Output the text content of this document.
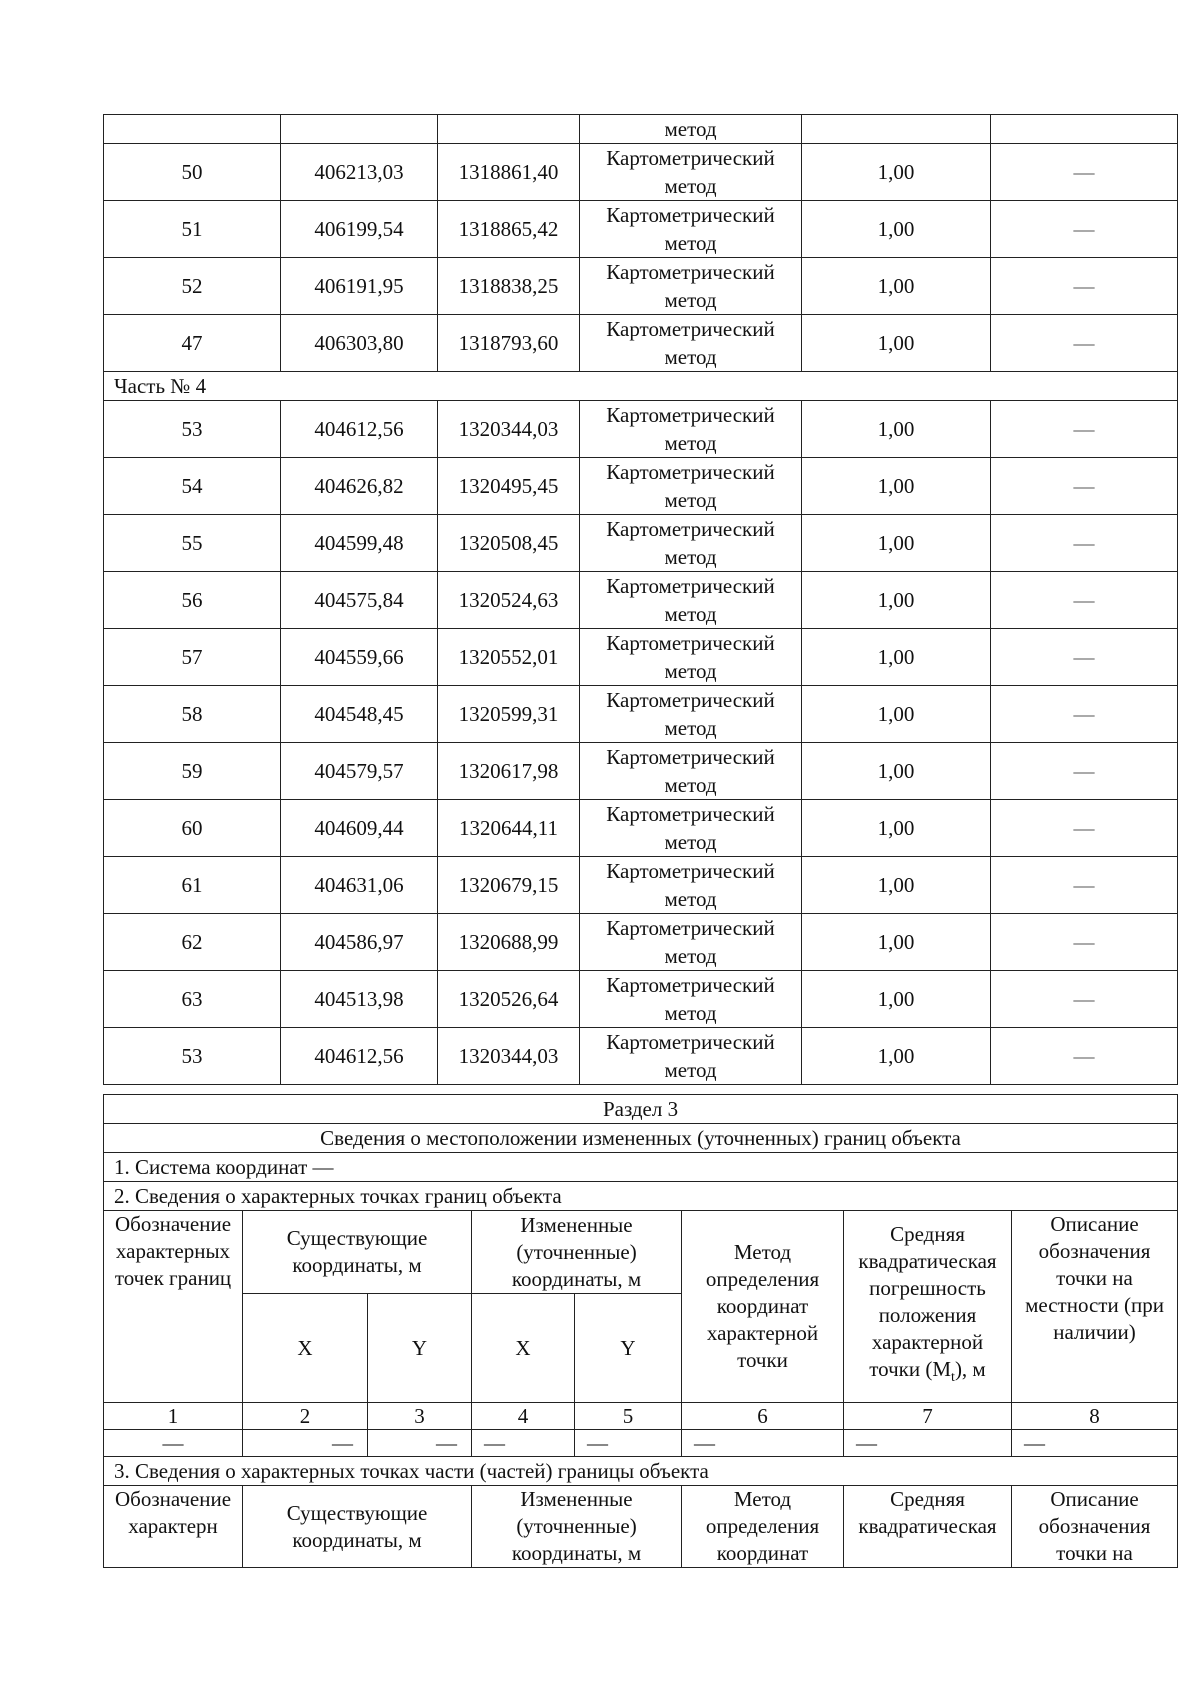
			метод		
50	406213,03	1318861,40	Картометрический метод	1,00	—
51	406199,54	1318865,42	Картометрический метод	1,00	—
52	406191,95	1318838,25	Картометрический метод	1,00	—
47	406303,80	1318793,60	Картометрический метод	1,00	—
Часть № 4					
53	404612,56	1320344,03	Картометрический метод	1,00	—
54	404626,82	1320495,45	Картометрический метод	1,00	—
55	404599,48	1320508,45	Картометрический метод	1,00	—
56	404575,84	1320524,63	Картометрический метод	1,00	—
57	404559,66	1320552,01	Картометрический метод	1,00	—
58	404548,45	1320599,31	Картометрический метод	1,00	—
59	404579,57	1320617,98	Картометрический метод	1,00	—
60	404609,44	1320644,11	Картометрический метод	1,00	—
61	404631,06	1320679,15	Картометрический метод	1,00	—
62	404586,97	1320688,99	Картометрический метод	1,00	—
63	404513,98	1320526,64	Картометрический метод	1,00	—
53	404612,56	1320344,03	Картометрический метод	1,00	—
Раздел 3							
Сведения о местоположении измененных (уточненных) границ объекта							
1. Система координат —							
2. Сведения о характерных точках границ объекта							
Обозначение характерных точек границ	Существующие координаты, м		Измененные (уточненные) координаты, м		Метод определения координат характерной точки	Средняя квадратическая погрешность положения характерной точки $(M_t)$, м	Описание обозначения точки на местности (при наличии)
	X	Y	X	Y			
1	2	3	4	5	6	7	8
—	—	—	—	—	—	—	—
3. Сведения о характерных точках части (частей) границы объекта							
Обозначение характерн	Существующие координаты, м		Измененные (уточненные) координаты, м		Метод определения координат	Средняя квадратическая	Описание обозначения точки на
